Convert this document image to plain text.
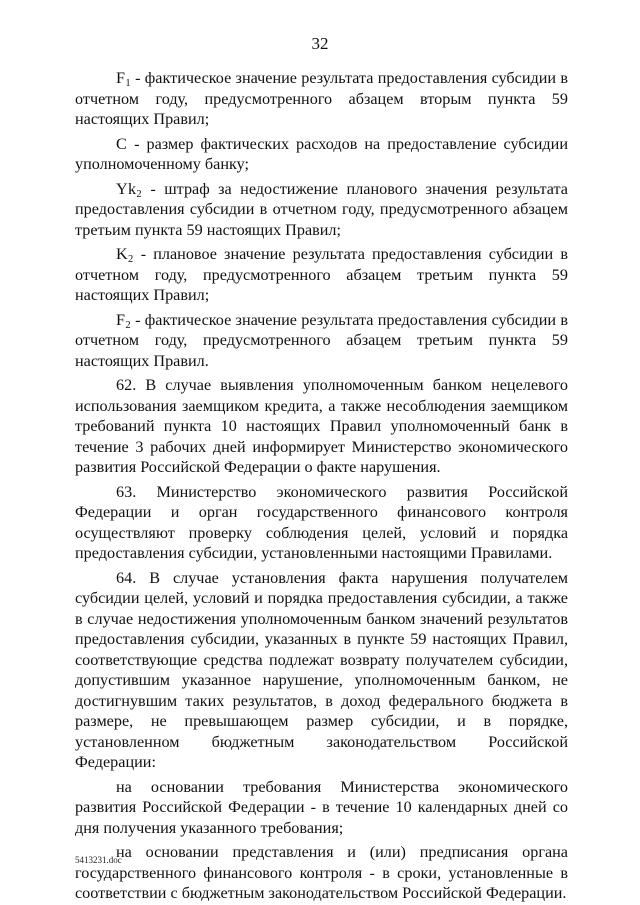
32

$F_1$ - фактическое значение результата предоставления субсидии в отчетном году, предусмотренного абзацем вторым пункта 59 настоящих Правил;

C - размер фактических расходов на предоставление субсидии уполномоченному банку;

$Yk_2$ - штраф за недостижение планового значения результата предоставления субсидии в отчетном году, предусмотренного абзацем третьим пункта 59 настоящих Правил;

$K_2$ - плановое значение результата предоставления субсидии в отчетном году, предусмотренного абзацем третьим пункта 59 настоящих Правил;

$F_2$ - фактическое значение результата предоставления субсидии в отчетном году, предусмотренного абзацем третьим пункта 59 настоящих Правил.

62. В случае выявления уполномоченным банком нецелевого использования заемщиком кредита, а также несоблюдения заемщиком требований пункта 10 настоящих Правил уполномоченный банк в течение 3 рабочих дней информирует Министерство экономического развития Российской Федерации о факте нарушения.

63. Министерство экономического развития Российской Федерации и орган государственного финансового контроля осуществляют проверку соблюдения целей, условий и порядка предоставления субсидии, установленными настоящими Правилами.

64. В случае установления факта нарушения получателем субсидии целей, условий и порядка предоставления субсидии, а также в случае недостижения уполномоченным банком значений результатов предоставления субсидии, указанных в пункте 59 настоящих Правил, соответствующие средства подлежат возврату получателем субсидии, допустившим указанное нарушение, уполномоченным банком, не достигнувшим таких результатов, в доход федерального бюджета в размере, не превышающем размер субсидии, и в порядке, установленном бюджетным законодательством Российской Федерации:

на основании требования Министерства экономического развития Российской Федерации - в течение 10 календарных дней со дня получения указанного требования;

на основании представления и (или) предписания органа государственного финансового контроля - в сроки, установленные в соответствии с бюджетным законодательством Российской Федерации.

5413231.doc
